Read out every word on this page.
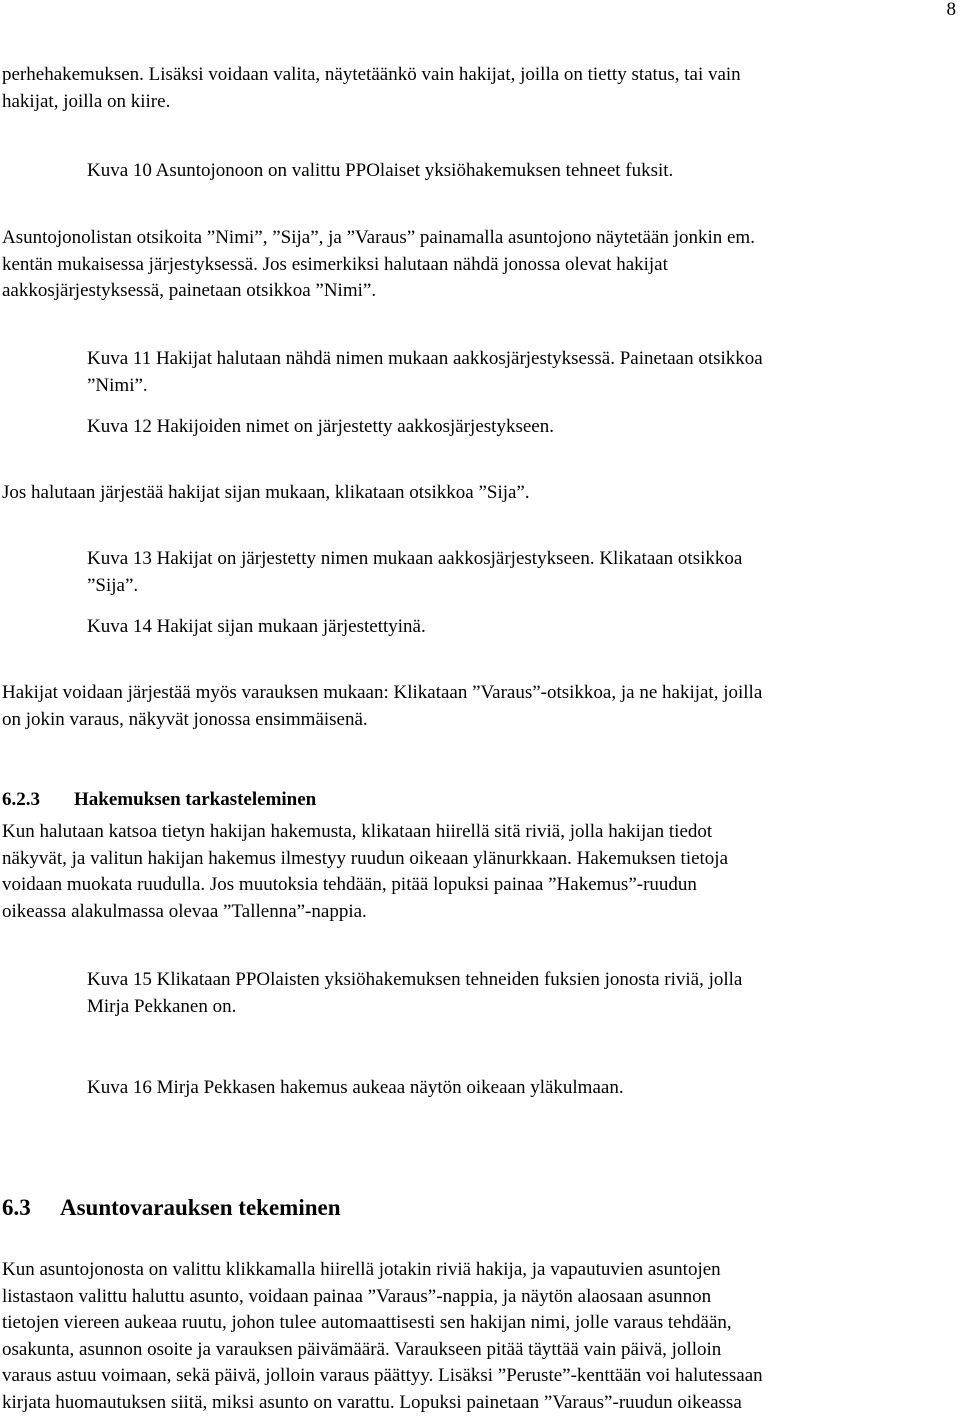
8
perhehakemuksen. Lisäksi voidaan valita, näytetäänkö vain hakijat, joilla on tietty status, tai vain
hakijat, joilla on kiire.
Kuva 10 Asuntojonoon on valittu PPOlaiset yksiöhakemuksen tehneet fuksit.
Asuntojonolistan otsikoita ”Nimi”, ”Sija”, ja ”Varaus” painamalla asuntojono näytetään jonkin em.
kentän mukaisessa järjestyksessä. Jos esimerkiksi halutaan nähdä jonossa olevat hakijat
aakkosjärjestyksessä, painetaan otsikkoa ”Nimi”.
Kuva 11 Hakijat halutaan nähdä nimen mukaan aakkosjärjestyksessä. Painetaan otsikkoa
”Nimi”.
Kuva 12 Hakijoiden nimet on järjestetty aakkosjärjestykseen.
Jos halutaan järjestää hakijat sijan mukaan, klikataan otsikkoa ”Sija”.
Kuva 13 Hakijat on järjestetty nimen mukaan aakkosjärjestykseen. Klikataan otsikkoa
”Sija”.
Kuva 14 Hakijat sijan mukaan järjestettyinä.
Hakijat voidaan järjestää myös varauksen mukaan: Klikataan ”Varaus”-otsikkoa, ja ne hakijat, joilla
on jokin varaus, näkyvät jonossa ensimmäisenä.
6.2.3 Hakemuksen tarkasteleminen
Kun halutaan katsoa tietyn hakijan hakemusta, klikataan hiirellä sitä riviä, jolla hakijan tiedot
näkyvät, ja valitun hakijan hakemus ilmestyy ruudun oikeaan ylänurkkaan. Hakemuksen tietoja
voidaan muokata ruudulla. Jos muutoksia tehdään, pitää lopuksi painaa ”Hakemus”-ruudun
oikeassa alakulmassa olevaa ”Tallenna”-nappia.
Kuva 15 Klikataan PPOlaisten yksiöhakemuksen tehneiden fuksien jonosta riviä, jolla
Mirja Pekkanen on.
Kuva 16 Mirja Pekkasen hakemus aukeaa näytön oikeaan yläkulmaan.
6.3 Asuntovarauksen tekeminen
Kun asuntojonosta on valittu klikkamalla hiirellä jotakin riviä hakija, ja vapautuvien asuntojen
listastaon valittu haluttu asunto, voidaan painaa ”Varaus”-nappia, ja näytön alaosaan asunnon
tietojen viereen aukeaa ruutu, johon tulee automaattisesti sen hakijan nimi, jolle varaus tehdään,
osakunta, asunnon osoite ja varauksen päivämäärä. Varaukseen pitää täyttää vain päivä, jolloin
varaus astuu voimaan, sekä päivä, jolloin varaus päättyy. Lisäksi ”Peruste”-kenttään voi halutessaan
kirjata huomautuksen siitä, miksi asunto on varattu. Lopuksi painetaan ”Varaus”-ruudun oikeassa
